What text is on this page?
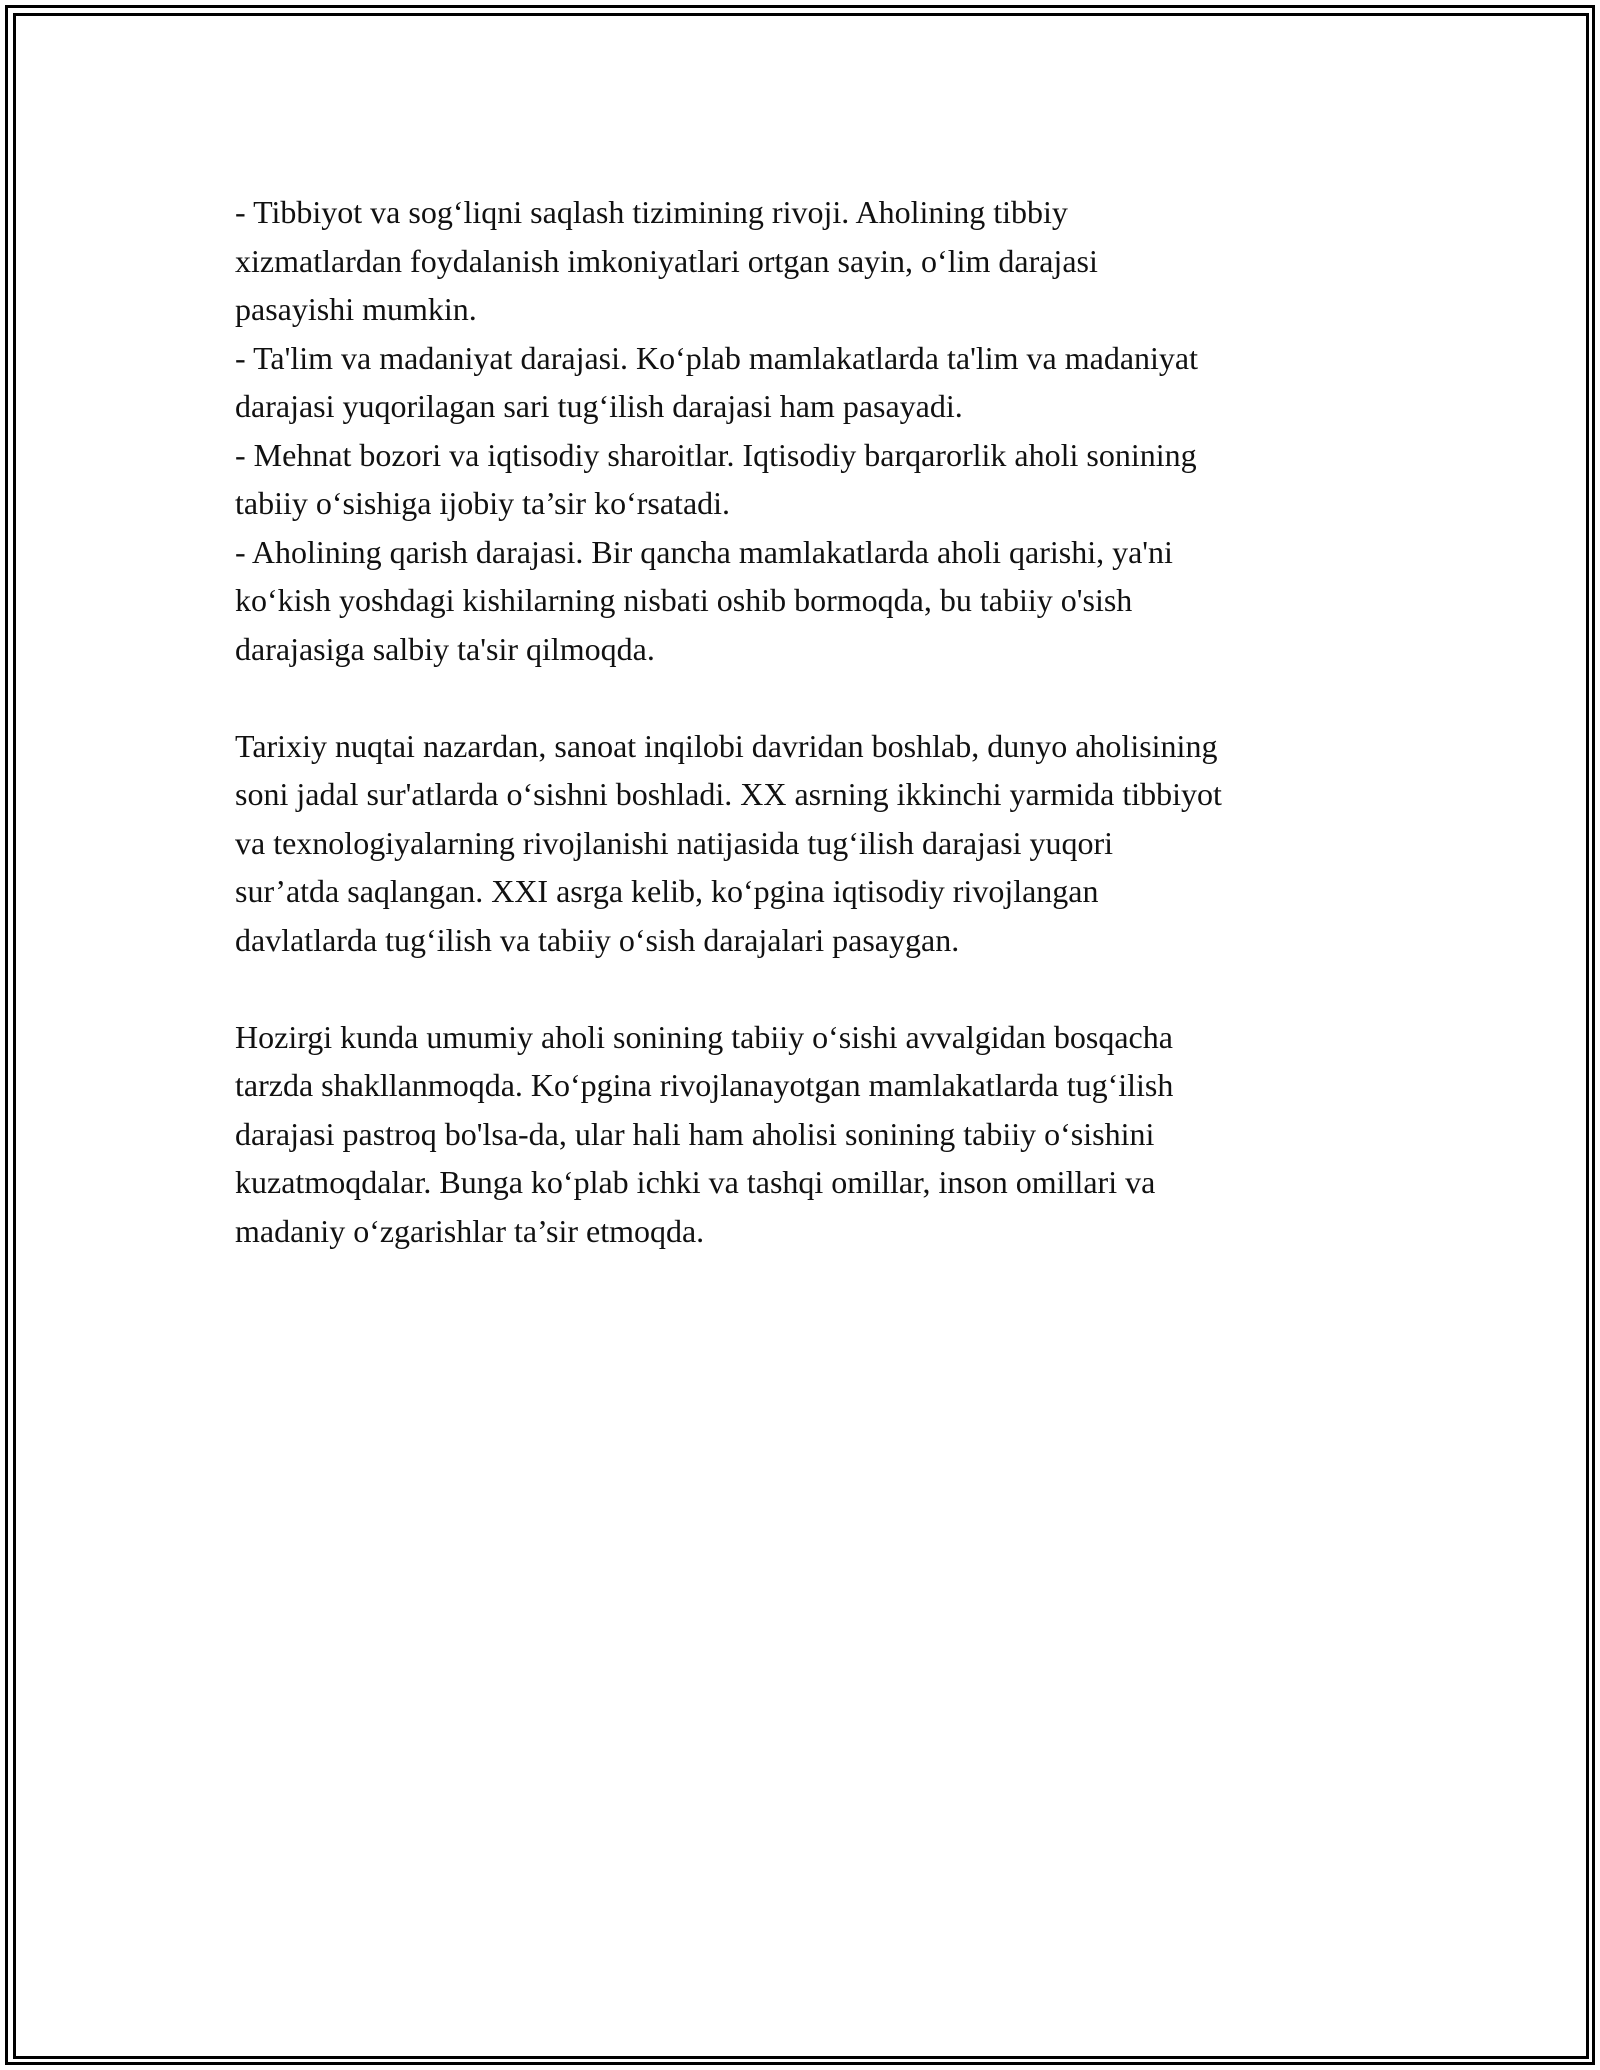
- Tibbiyot va sog‘liqni saqlash tizimining rivoji. Aholining tibbiy
xizmatlardan foydalanish imkoniyatlari ortgan sayin, o‘lim darajasi
pasayishi mumkin.
- Ta'lim va madaniyat darajasi. Ko‘plab mamlakatlarda ta'lim va madaniyat
darajasi yuqorilagan sari tug‘ilish darajasi ham pasayadi.
- Mehnat bozori va iqtisodiy sharoitlar. Iqtisodiy barqarorlik aholi sonining
tabiiy o‘sishiga ijobiy ta’sir ko‘rsatadi.
- Aholining qarish darajasi. Bir qancha mamlakatlarda aholi qarishi, ya'ni
ko‘kish yoshdagi kishilarning nisbati oshib bormoqda, bu tabiiy o'sish
darajasiga salbiy ta'sir qilmoqda.
Tarixiy nuqtai nazardan, sanoat inqilobi davridan boshlab, dunyo aholisining
soni jadal sur'atlarda o‘sishni boshladi. XX asrning ikkinchi yarmida tibbiyot
va texnologiyalarning rivojlanishi natijasida tug‘ilish darajasi yuqori
sur’atda saqlangan. XXI asrga kelib, ko‘pgina iqtisodiy rivojlangan
davlatlarda tug‘ilish va tabiiy o‘sish darajalari pasaygan.
Hozirgi kunda umumiy aholi sonining tabiiy o‘sishi avvalgidan bosqacha
tarzda shakllanmoqda. Ko‘pgina rivojlanayotgan mamlakatlarda tug‘ilish
darajasi pastroq bo'lsa-da, ular hali ham aholisi sonining tabiiy o‘sishini
kuzatmoqdalar. Bunga ko‘plab ichki va tashqi omillar, inson omillari va
madaniy o‘zgarishlar ta’sir etmoqda.
